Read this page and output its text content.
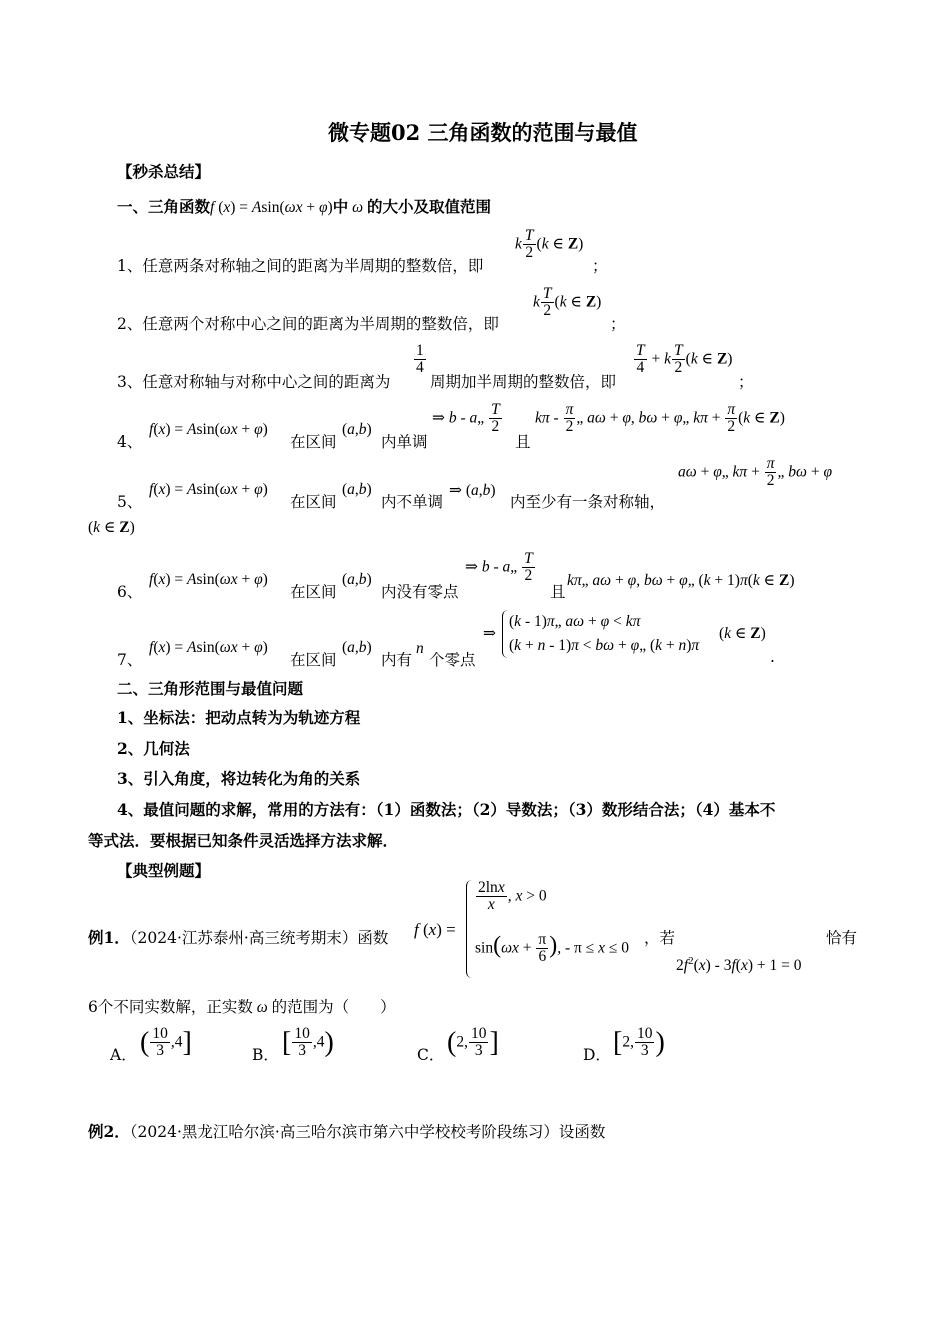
微专题02 三角函数的范围与最值
【秒杀总结】
一、三角函数f (x) = Asin(ωx + φ)中 ω 的大小及取值范围
1、任意两条对称轴之间的距离为半周期的整数倍，即
k $\frac{T}{2} (k$ ∈ Z)
；
2、任意两个对称中心之间的距离为半周期的整数倍，即
k $\frac{T}{2} (k$ ∈ Z)
；
3、任意对称轴与对称中心之间的距离为
$\frac{1}{4}$
周期加半周期的整数倍，即
$\frac{T}{4} + k \frac{T}{2} (k$ ∈ Z)
；
4、
f(x) = Asin(ωx + φ)
在区间
(a,b)
内单调
⇒ b - a„ $\frac{T}{2}$
且
kπ - $\frac{\pi}{2}$ „ aω + φ, bω + φ„ $k\pi + \frac{\pi}{2} (k$ ∈ Z)
5、
f(x) = Asin(ωx + φ)
在区间
(a,b)
内不单调
⇒ (a,b)
内至少有一条对称轴，
aω + φ„ $k\pi + \frac{\pi}{2}$ „ bω + φ
(k ∈ Z)
6、
f(x) = Asin(ωx + φ)
在区间
(a,b)
内没有零点
⇒ b - a„ $\frac{T}{2}$
且
kπ„ aω + φ, bω + φ„ (k + 1)π(k ∈ Z)
7、
f(x) = Asin(ωx + φ)
在区间
(a,b)
内有
n
个零点
⇒
(k - 1)π„ aω + φ < kπ
(k + n - 1)π < bω + φ„ (k + n)π
(k ∈ Z)
.
二、三角形范围与最值问题
1、坐标法：把动点转为为轨迹方程
2、几何法
3、引入角度，将边转化为角的关系
4、最值问题的求解，常用的方法有：（1）函数法；（2）导数法；（3）数形结合法；（4）基本不
等式法．要根据已知条件灵活选择方法求解．
【典型例题】
例1．（2024·江苏泰州·高三统考期末）函数 f (x) =
$\frac{2\ln x}{x}$ , x > 0
$\sin(\omega x + \frac{\pi}{6}$ ), - π ≤ x ≤ 0
，若
$2f^2(x) - 3f(x) + 1 = 0$
恰有
6个不同实数解，正实数 ω 的范围为（　　）
A． ( $\frac{10}{3} ,4$]	B． [ $\frac{10}{3} ,4$)	C． (2, $\frac{10}{3}$ ]	D． [2, $\frac{10}{3}$ )
例2．（2024·黑龙江哈尔滨·高三哈尔滨市第六中学校校考阶段练习）设函数
